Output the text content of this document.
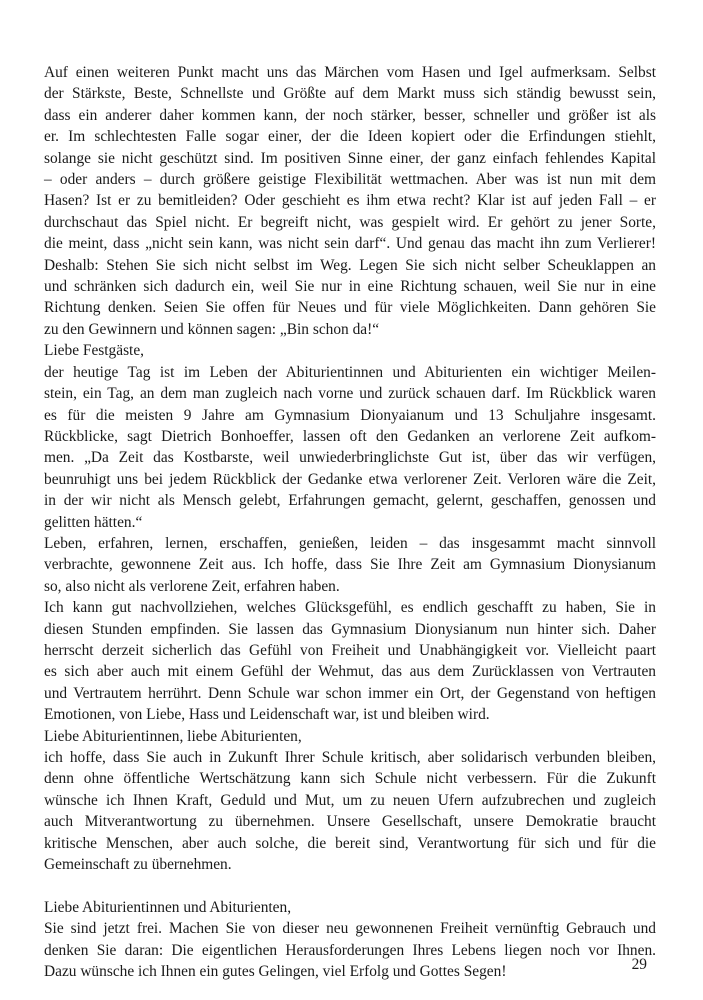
Auf einen weiteren Punkt macht uns das Märchen vom Hasen und Igel aufmerksam. Selbst
der Stärkste, Beste, Schnellste und Größte auf dem Markt muss sich ständig bewusst sein,
dass ein anderer daher kommen kann, der noch stärker, besser, schneller und größer ist als
er. Im schlechtesten Falle sogar einer, der die Ideen kopiert oder die Erfindungen stiehlt,
solange sie nicht geschützt sind. Im positiven Sinne einer, der ganz einfach fehlendes Kapital
– oder anders – durch größere geistige Flexibilität wettmachen. Aber was ist nun mit dem
Hasen? Ist er zu bemitleiden? Oder geschieht es ihm etwa recht? Klar ist auf jeden Fall – er
durchschaut das Spiel nicht. Er begreift nicht, was gespielt wird. Er gehört zu jener Sorte,
die meint, dass „nicht sein kann, was nicht sein darf“. Und genau das macht ihn zum Verlierer!
Deshalb: Stehen Sie sich nicht selbst im Weg. Legen Sie sich nicht selber Scheuklappen an
und schränken sich dadurch ein, weil Sie nur in eine Richtung schauen, weil Sie nur in eine
Richtung denken. Seien Sie offen für Neues und für viele Möglichkeiten. Dann gehören Sie
zu den Gewinnern und können sagen: „Bin schon da!“
Liebe Festgäste,
der heutige Tag ist im Leben der Abiturientinnen und Abiturienten ein wichtiger Meilen-
stein, ein Tag, an dem man zugleich nach vorne und zurück schauen darf. Im Rückblick waren
es für die meisten 9 Jahre am Gymnasium Dionyaianum und 13 Schuljahre insgesamt.
Rückblicke, sagt Dietrich Bonhoeffer, lassen oft den Gedanken an verlorene Zeit aufkom-
men. „Da Zeit das Kostbarste, weil unwiederbringlichste Gut ist, über das wir verfügen,
beunruhigt uns bei jedem Rückblick der Gedanke etwa verlorener Zeit. Verloren wäre die Zeit,
in der wir nicht als Mensch gelebt, Erfahrungen gemacht, gelernt, geschaffen, genossen und
gelitten hätten.“
Leben, erfahren, lernen, erschaffen, genießen, leiden – das insgesammt macht sinnvoll
verbrachte, gewonnene Zeit aus. Ich hoffe, dass Sie Ihre Zeit am Gymnasium Dionysianum
so, also nicht als verlorene Zeit, erfahren haben.
Ich kann gut nachvollziehen, welches Glücksgefühl, es endlich geschafft zu haben, Sie in
diesen Stunden empfinden. Sie lassen das Gymnasium Dionysianum nun hinter sich. Daher
herrscht derzeit sicherlich das Gefühl von Freiheit und Unabhängigkeit vor. Vielleicht paart
es sich aber auch mit einem Gefühl der Wehmut, das aus dem Zurücklassen von Vertrauten
und Vertrautem herrührt. Denn Schule war schon immer ein Ort, der Gegenstand von heftigen
Emotionen, von Liebe, Hass und Leidenschaft war, ist und bleiben wird.
Liebe Abiturientinnen, liebe Abiturienten,
ich hoffe, dass Sie auch in Zukunft Ihrer Schule kritisch, aber solidarisch verbunden bleiben,
denn ohne öffentliche Wertschätzung kann sich Schule nicht verbessern. Für die Zukunft
wünsche ich Ihnen Kraft, Geduld und Mut, um zu neuen Ufern aufzubrechen und zugleich
auch Mitverantwortung zu übernehmen. Unsere Gesellschaft, unsere Demokratie braucht
kritische Menschen, aber auch solche, die bereit sind, Verantwortung für sich und für die
Gemeinschaft zu übernehmen.
Liebe Abiturientinnen und Abiturienten,
Sie sind jetzt frei. Machen Sie von dieser neu gewonnenen Freiheit vernünftig Gebrauch und
denken Sie daran: Die eigentlichen Herausforderungen Ihres Lebens liegen noch vor Ihnen.
Dazu wünsche ich Ihnen ein gutes Gelingen, viel Erfolg und Gottes Segen!	29
